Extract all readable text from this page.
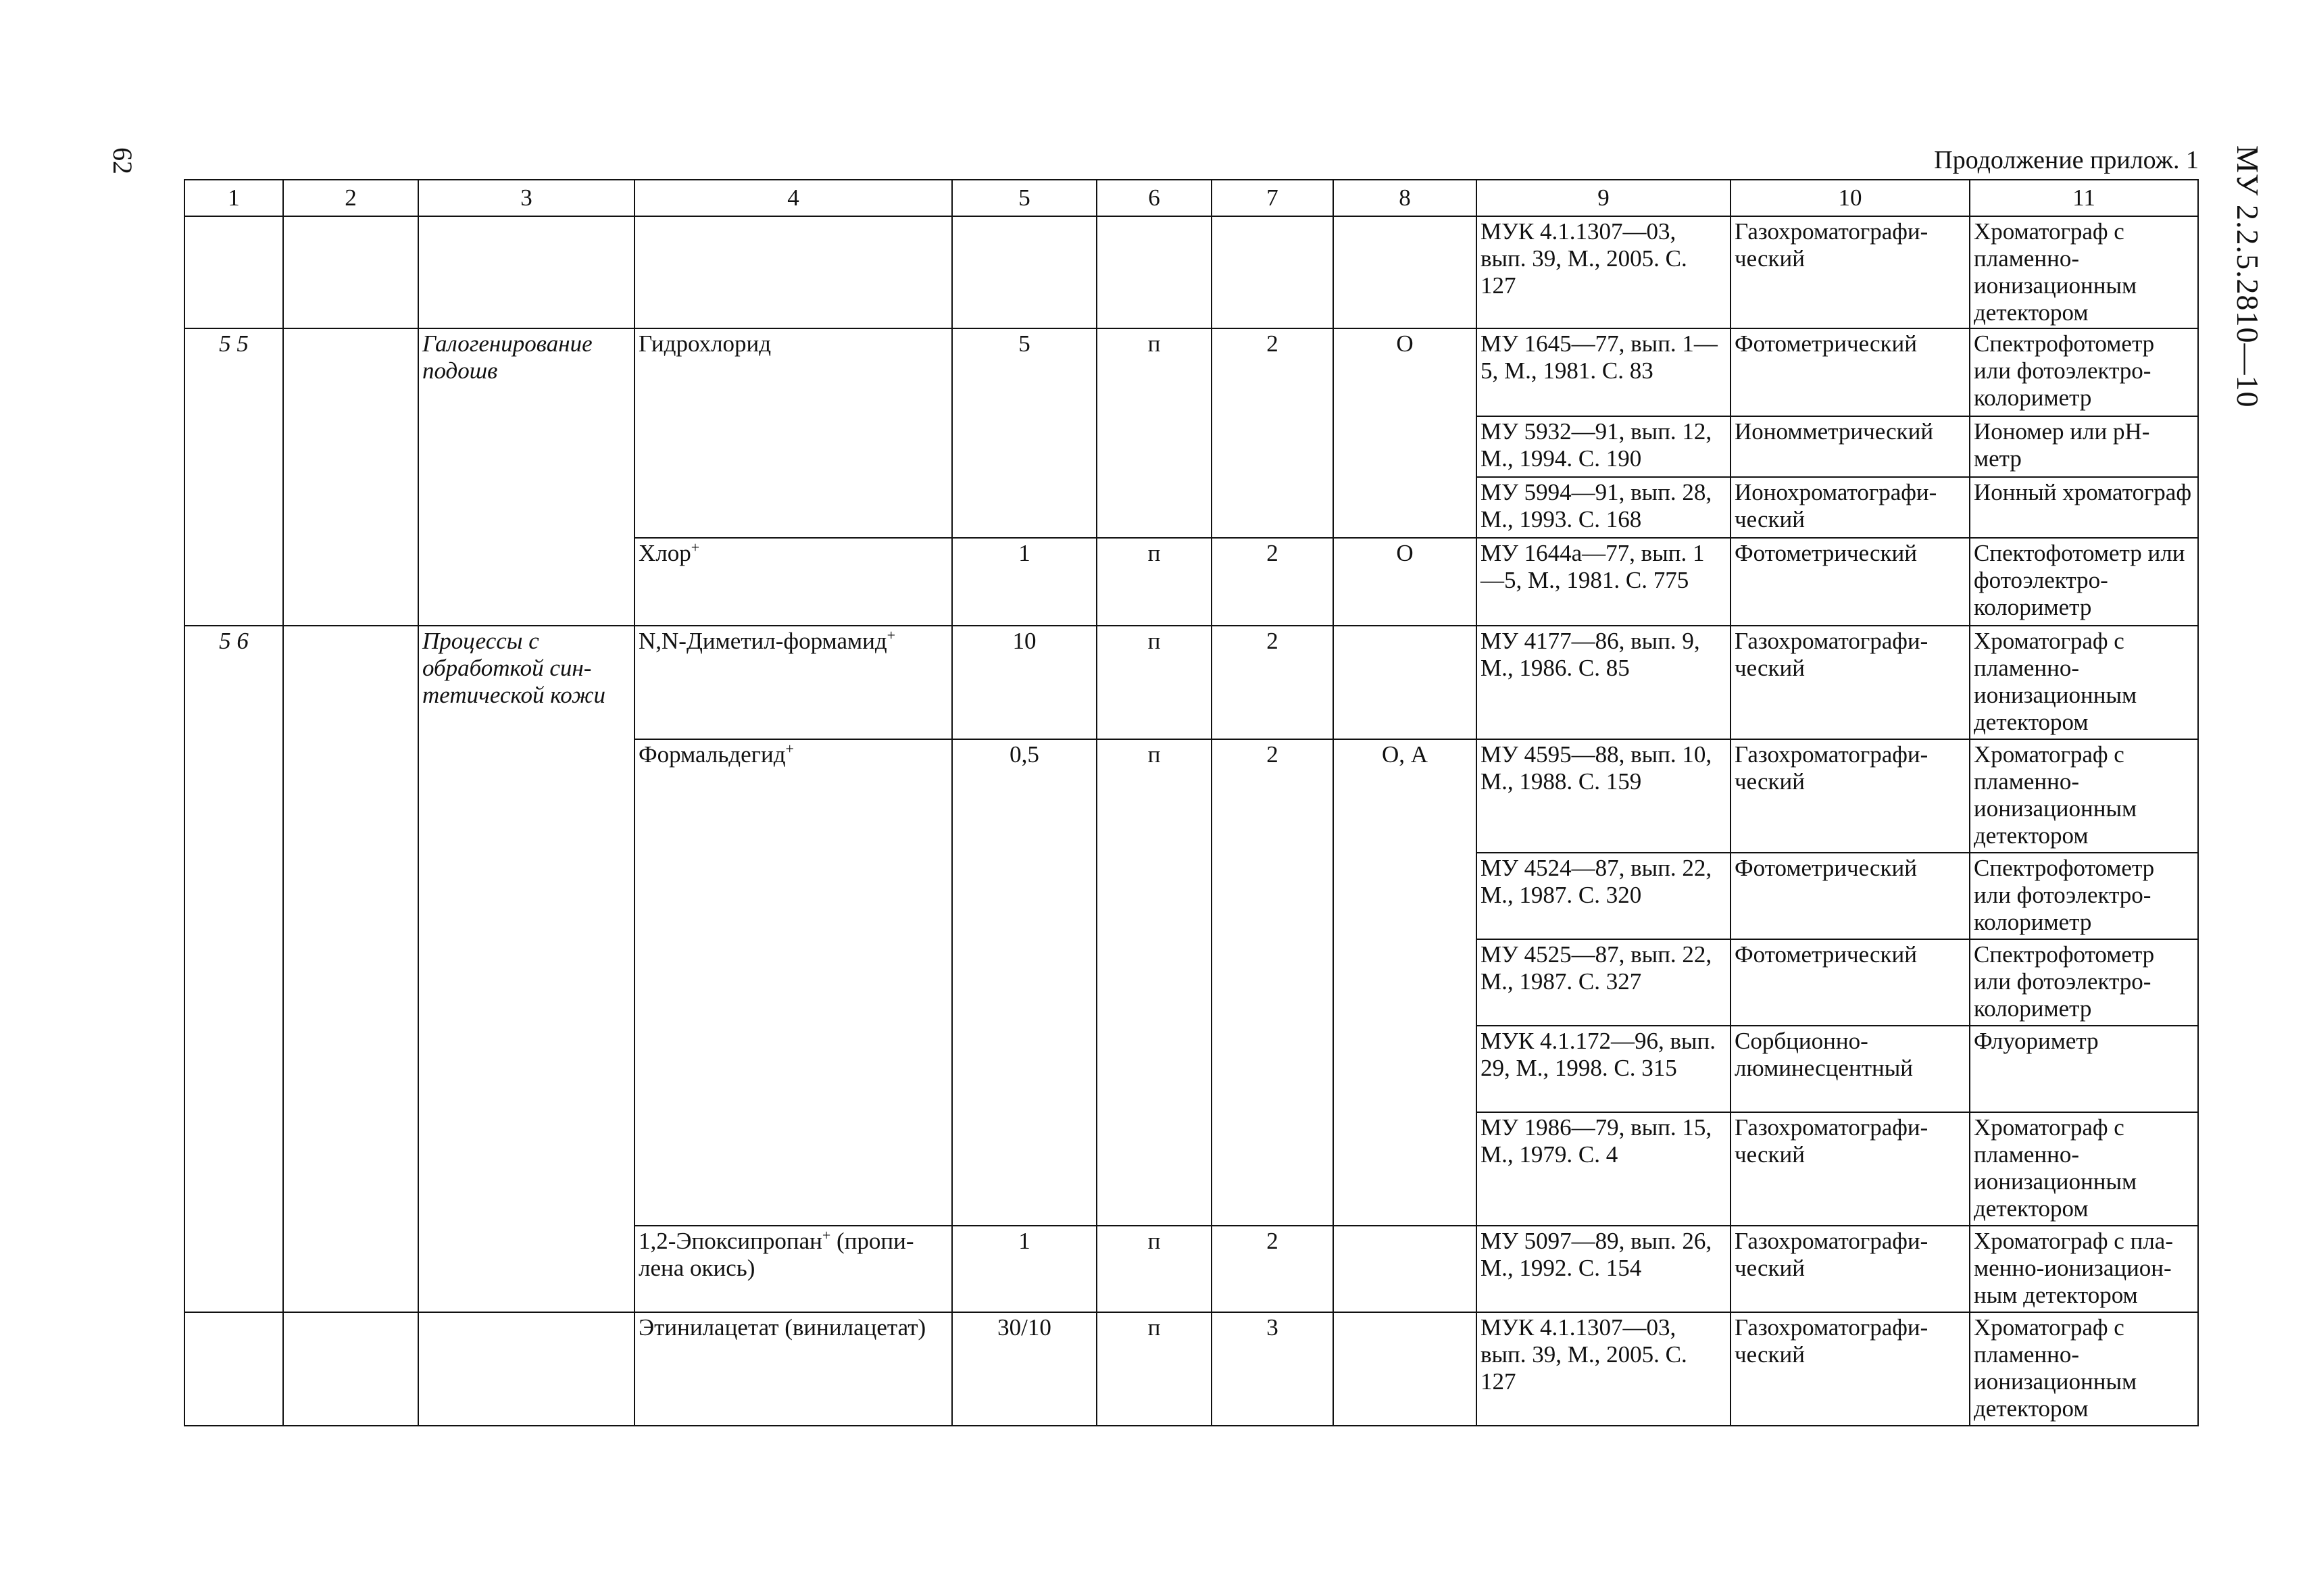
62	МУ 2.2.5.2810—10
Продолжение прилож. 1
1	2	3	4	5	6	7	8	9	10	11
								МУК 4.1.1307—03, вып. 39, М., 2005. С. 127	Газохроматографи-ческий	Хроматограф с пламенно-ионизационным детектором
5 5		Галогенирование подошв	Гидрохлорид	5	п	2	О	МУ 1645—77, вып. 1—5, М., 1981. С. 83	Фотометрический	Спектрофотометр или фотоэлектро-колориметр
								МУ 5932—91, вып. 12, М., 1994. С. 190	Иономметрический	Иономер или pH-метр
								МУ 5994—91, вып. 28, М., 1993. С. 168	Ионохроматографи-ческий	Ионный хроматограф
			Хлор+	1	п	2	О	МУ 1644а—77, вып. 1—5, М., 1981. С. 775	Фотометрический	Спектофотометр или фотоэлектро-колориметр
5 6		Процессы с обработкой син-тетической кожи	N,N-Диметил-формамид+	10	п	2		МУ 4177—86, вып. 9, М., 1986. С. 85	Газохроматографи-ческий	Хроматограф с пламенно-ионизационным детектором
			Формальдегид+	0,5	п	2	О, А	МУ 4595—88, вып. 10, М., 1988. С. 159	Газохроматографи-ческий	Хроматограф с пламенно-ионизационным детектором
								МУ 4524—87, вып. 22, М., 1987. С. 320	Фотометрический	Спектрофотометр или фотоэлектро-колориметр
								МУ 4525—87, вып. 22, М., 1987. С. 327	Фотометрический	Спектрофотометр или фотоэлектро-колориметр
								МУК 4.1.172—96, вып. 29, М., 1998. С. 315	Сорбционно-люминесцентный	Флуориметр
								МУ 1986—79, вып. 15, М., 1979. С. 4	Газохроматографи-ческий	Хроматограф с пламенно-ионизационным детектором
			1,2-Эпоксипропан+ (пропи-лена окись)	1	п	2		МУ 5097—89, вып. 26, М., 1992. С. 154	Газохроматографи-ческий	Хроматограф с пла-менно-ионизацион-ным детектором
			Этинилацетат (винилацетат)	30/10	п	3		МУК 4.1.1307—03, вып. 39, М., 2005. С. 127	Газохроматографи-ческий	Хроматограф с пламенно-ионизационным детектором
